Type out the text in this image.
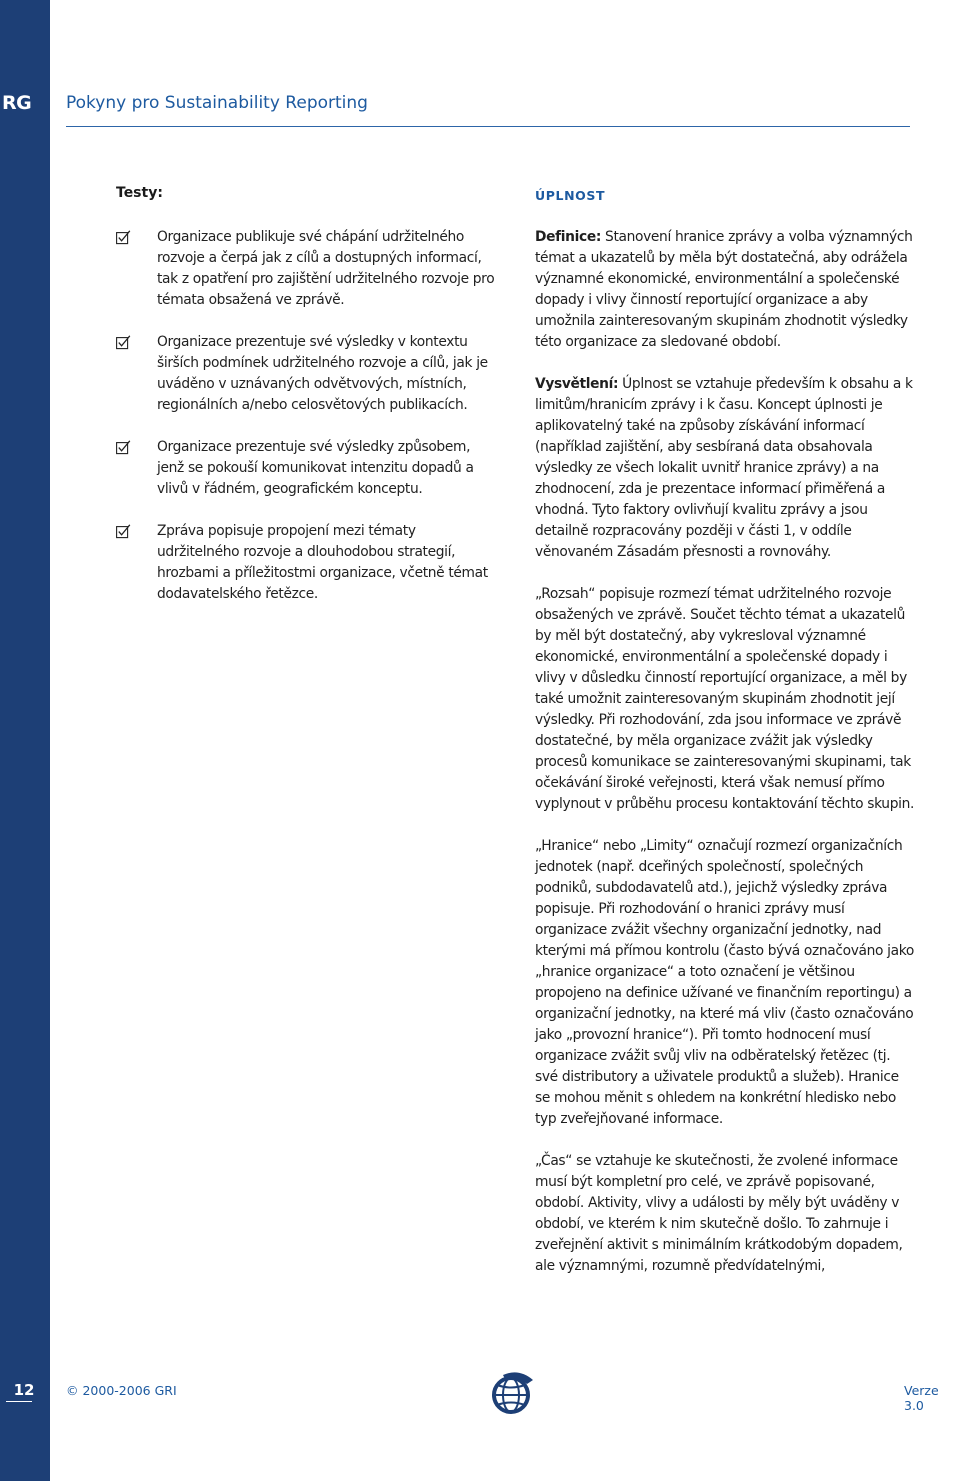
RG
12
Pokyny pro Sustainability Reporting
Testy:
Organizace publikuje své chápání udržitelného rozvoje a čerpá jak z cílů a dostupných informací, tak z opatření pro zajištění udržitelného rozvoje pro témata obsažená ve zprávě.
Organizace prezentuje své výsledky v kontextu širších podmínek udržitelného rozvoje a cílů, jak je uváděno v uznávaných odvětvových, místních, regionálních a/nebo celosvětových publikacích.
Organizace prezentuje své výsledky způsobem, jenž se pokouší komunikovat intenzitu dopadů a vlivů v řádném, geografickém konceptu.
Zpráva popisuje propojení mezi tématy udržitelného rozvoje a dlouhodobou strategií, hrozbami a příležitostmi organizace, včetně témat dodavatelského řetězce.
ÚPLNOST

Definice: Stanovení hranice zprávy a volba významných témat a ukazatelů by měla být dostatečná, aby odrážela významné ekonomické, environmentální a společenské dopady i vlivy činností reportující organizace a aby umožnila zainteresovaným skupinám zhodnotit výsledky této organizace za sledované období.

Vysvětlení: Úplnost se vztahuje především k obsahu a k limitům/hranicím zprávy i k času. Koncept úplnosti je aplikovatelný také na způsoby získávání informací (například zajištění, aby sesbíraná data obsahovala výsledky ze všech lokalit uvnitř hranice zprávy) a na zhodnocení, zda je prezentace informací přiměřená a vhodná. Tyto faktory ovlivňují kvalitu zprávy a jsou detailně rozpracovány později v části 1, v oddíle věnovaném Zásadám přesnosti a rovnováhy.

„Rozsah“ popisuje rozmezí témat udržitelného rozvoje obsažených ve zprávě. Součet těchto témat a ukazatelů by měl být dostatečný, aby vykresloval významné ekonomické, environmentální a společenské dopady i vlivy v důsledku činností reportující organizace, a měl by také umožnit zainteresovaným skupinám zhodnotit její výsledky. Při rozhodování, zda jsou informace ve zprávě dostatečné, by měla organizace zvážit jak výsledky procesů komunikace se zainteresovanými skupinami, tak očekávání široké veřejnosti, která však nemusí přímo vyplynout v průběhu procesu kontaktování těchto skupin.

„Hranice“ nebo „Limity“ označují rozmezí organizačních jednotek (např. dceřiných společností, společných podniků, subdodavatelů atd.), jejichž výsledky zpráva popisuje. Při rozhodování o hranici zprávy musí organizace zvážit všechny organizační jednotky, nad kterými má přímou kontrolu (často bývá označováno jako „hranice organizace“ a toto označení je většinou propojeno na definice užívané ve finančním reportingu) a organizační jednotky, na které má vliv (často označováno jako „provozní hranice“). Při tomto hodnocení musí organizace zvážit svůj vliv na odběratelský řetězec (tj. své distributory a uživatele produktů a služeb). Hranice se mohou měnit s ohledem na konkrétní hledisko nebo typ zveřejňované informace.

„Čas“ se vztahuje ke skutečnosti, že zvolené informace musí být kompletní pro celé, ve zprávě popisované, období. Aktivity, vlivy a události by měly být uváděny v období, ve kterém k nim skutečně došlo. To zahrnuje i zveřejnění aktivit s minimálním krátkodobým dopadem, ale významnými, rozumně předvídatelnými,

© 2000-2006 GRI	Verze 3.0
